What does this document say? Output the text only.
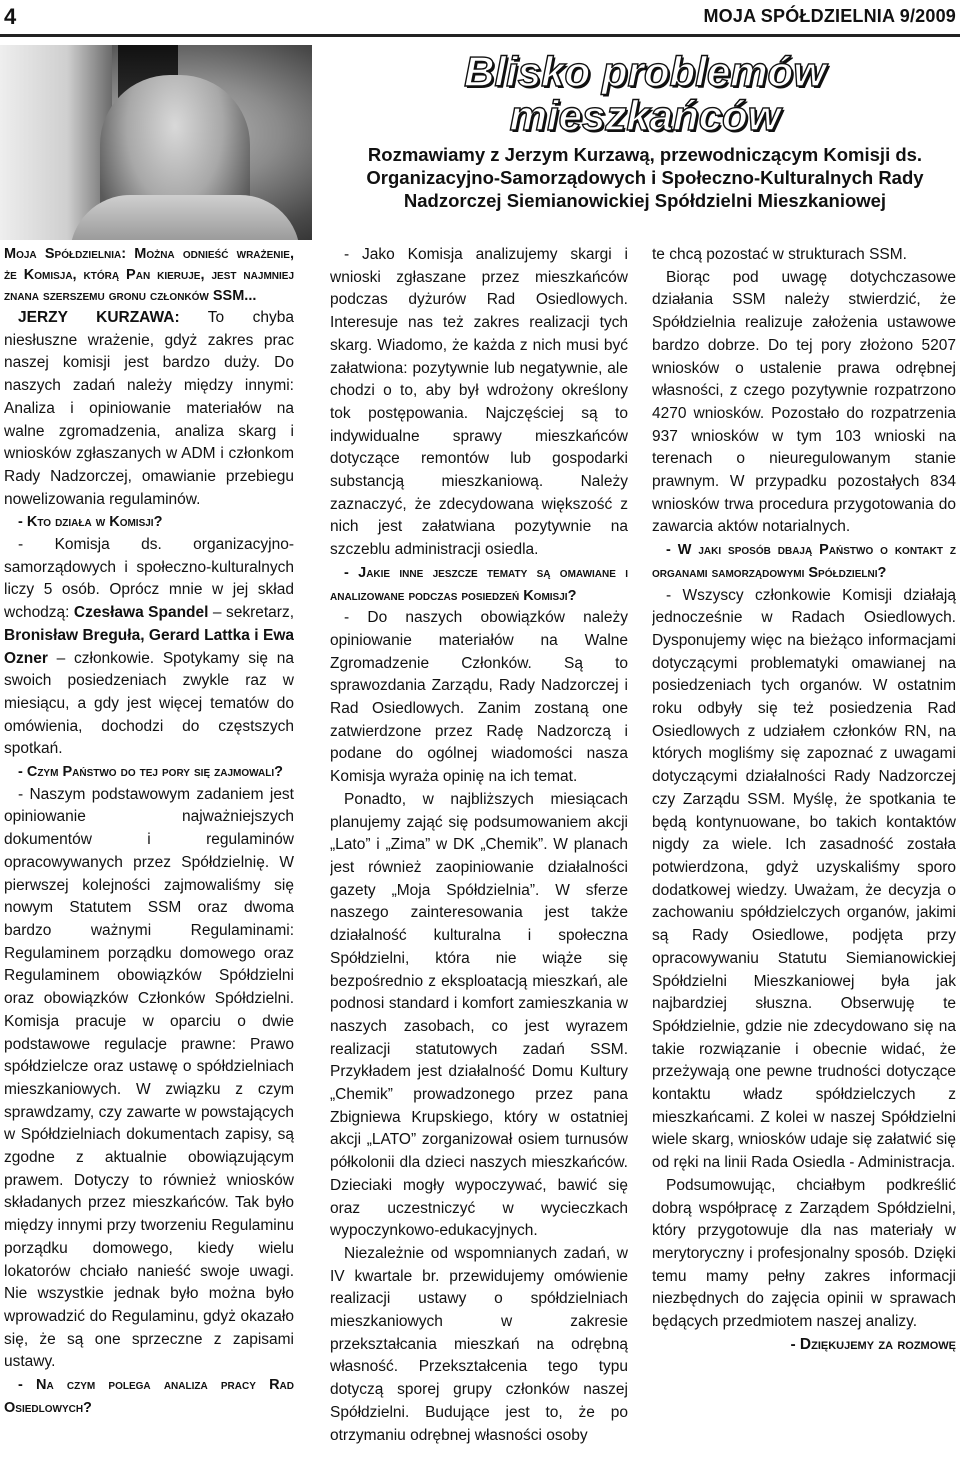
4	MOJA SPÓŁDZIELNIA 9/2009
Blisko problemów mieszkańców

Rozmawiamy z Jerzym Kurzawą, przewodniczącym Komisji ds. Organizacyjno-Samorządowych i Społeczno-Kulturalnych Rady Nadzorczej Siemianowickiej Spółdzielni Mieszkaniowej

Moja Spółdzielnia: Można odnieść wrażenie, że Komisja, którą Pan kieruje, jest najmniej znana szerszemu gronu członków SSM...

JERZY KURZAWA: To chyba niesłuszne wrażenie, gdyż zakres prac naszej komisji jest bardzo duży. Do naszych zadań należy między innymi: Analiza i opiniowanie materiałów na walne zgromadzenia, analiza skarg i wniosków zgłaszanych w ADM i członkom Rady Nadzorczej, omawianie przebiegu nowelizowania regulaminów.

- Kto działa w Komisji?

- Komisja ds. organizacyjno-samorządowych i społeczno-kulturalnych liczy 5 osób. Oprócz mnie w jej skład wchodzą: Czesława Spandel – sekretarz, Bronisław Breguła, Gerard Lattka i Ewa Ozner – członkowie. Spotykamy się na swoich posiedzeniach zwykle raz w miesiącu, a gdy jest więcej tematów do omówienia, dochodzi do częstszych spotkań.

- Czym Państwo do tej pory się zajmowali?

- Naszym podstawowym zadaniem jest opiniowanie najważniejszych dokumentów i regulaminów opracowywanych przez Spółdzielnię. W pierwszej kolejności zajmowaliśmy się nowym Statutem SSM oraz dwoma bardzo ważnymi Regulaminami: Regulaminem porządku domowego oraz Regulaminem obowiązków Spółdzielni oraz obowiązków Członków Spółdzielni. Komisja pracuje w oparciu o dwie podstawowe regulacje prawne: Prawo spółdzielcze oraz ustawę o spółdzielniach mieszkaniowych. W związku z czym sprawdzamy, czy zawarte w powstających w Spółdzielniach dokumentach zapisy, są zgodne z aktualnie obowiązującym prawem. Dotyczy to również wniosków składanych przez mieszkańców. Tak było między innymi przy tworzeniu Regulaminu porządku domowego, kiedy wielu lokatorów chciało nanieść swoje uwagi. Nie wszystkie jednak było można było wprowadzić do Regulaminu, gdyż okazało się, że są one sprzeczne z zapisami ustawy.

- Na czym polega analiza pracy Rad Osiedlowych?

- Jako Komisja analizujemy skargi i wnioski zgłaszane przez mieszkańców podczas dyżurów Rad Osiedlowych. Interesuje nas też zakres realizacji tych skarg. Wiadomo, że każda z nich musi być załatwiona: pozytywnie lub negatywnie, ale chodzi o to, aby był wdrożony określony tok postępowania. Najczęściej są to indywidualne sprawy mieszkańców dotyczące remontów lub gospodarki substancją mieszkaniową. Należy zaznaczyć, że zdecydowana większość z nich jest załatwiana pozytywnie na szczeblu administracji osiedla.

- Jakie inne jeszcze tematy są omawiane i analizowane podczas posiedzeń Komisji?

- Do naszych obowiązków należy opiniowanie materiałów na Walne Zgromadzenie Członków. Są to sprawozdania Zarządu, Rady Nadzorczej i Rad Osiedlowych. Zanim zostaną one zatwierdzone przez Radę Nadzorczą i podane do ogólnej wiadomości nasza Komisja wyraża opinię na ich temat.

Ponadto, w najbliższych miesiącach planujemy zająć się podsumowaniem akcji „Lato” i „Zima” w DK „Chemik”. W planach jest również zaopiniowanie działalności gazety „Moja Spółdzielnia”. W sferze naszego zainteresowania jest także działalność kulturalna i społeczna Spółdzielni, która nie wiąże się bezpośrednio z eksploatacją mieszkań, ale podnosi standard i komfort zamieszkania w naszych zasobach, co jest wyrazem realizacji statutowych zadań SSM. Przykładem jest działalność Domu Kultury „Chemik” prowadzonego przez pana Zbigniewa Krupskiego, który w ostatniej akcji „LATO” zorganizował osiem turnusów półkolonii dla dzieci naszych mieszkańców. Dzieciaki mogły wypoczywać, bawić się oraz uczestniczyć w wycieczkach wypoczynkowo-edukacyjnych.

Niezależnie od wspomnianych zadań, w IV kwartale br. przewidujemy omówienie realizacji ustawy o spółdzielniach mieszkaniowych w zakresie przekształcania mieszkań na odrębną własność. Przekształcenia tego typu dotyczą sporej grupy członków naszej Spółdzielni. Budujące jest to, że po otrzymaniu odrębnej własności osoby

te chcą pozostać w strukturach SSM.

Biorąc pod uwagę dotychczasowe działania SSM należy stwierdzić, że Spółdzielnia realizuje założenia ustawowe bardzo dobrze. Do tej pory złożono 5207 wniosków o ustalenie prawa odrębnej własności, z czego pozytywnie rozpatrzono 4270 wniosków. Pozostało do rozpatrzenia 937 wniosków w tym 103 wnioski na terenach o nieuregulowanym stanie prawnym. W przypadku pozostałych 834 wniosków trwa procedura przygotowania do zawarcia aktów notarialnych.

- W jaki sposób dbają Państwo o kontakt z organami samorządowymi Spółdzielni?

- Wszyscy członkowie Komisji działają jednocześnie w Radach Osiedlowych. Dysponujemy więc na bieżąco informacjami dotyczącymi problematyki omawianej na posiedzeniach tych organów. W ostatnim roku odbyły się też posiedzenia Rad Osiedlowych z udziałem członków RN, na których mogliśmy się zapoznać z uwagami dotyczącymi działalności Rady Nadzorczej czy Zarządu SSM. Myślę, że spotkania te będą kontynuowane, bo takich kontaktów nigdy za wiele. Ich zasadność została potwierdzona, gdyż uzyskaliśmy sporo dodatkowej wiedzy. Uważam, że decyzja o zachowaniu spółdzielczych organów, jakimi są Rady Osiedlowe, podjęta przy opracowywaniu Statutu Siemianowickiej Spółdzielni Mieszkaniowej była jak najbardziej słuszna. Obserwuję te Spółdzielnie, gdzie nie zdecydowano się na takie rozwiązanie i obecnie widać, że przeżywają one pewne trudności dotyczące kontaktu władz spółdzielczych z mieszkańcami. Z kolei w naszej Spółdzielni wiele skarg, wniosków udaje się załatwić się od ręki na linii Rada Osiedla - Administracja.

Podsumowując, chciałbym podkreślić dobrą współpracę z Zarządem Spółdzielni, który przygotowuje dla nas materiały w merytoryczny i profesjonalny sposób. Dzięki temu mamy pełny zakres informacji niezbędnych do zajęcia opinii w sprawach będących przedmiotem naszej analizy.

- Dziękujemy za rozmowę
